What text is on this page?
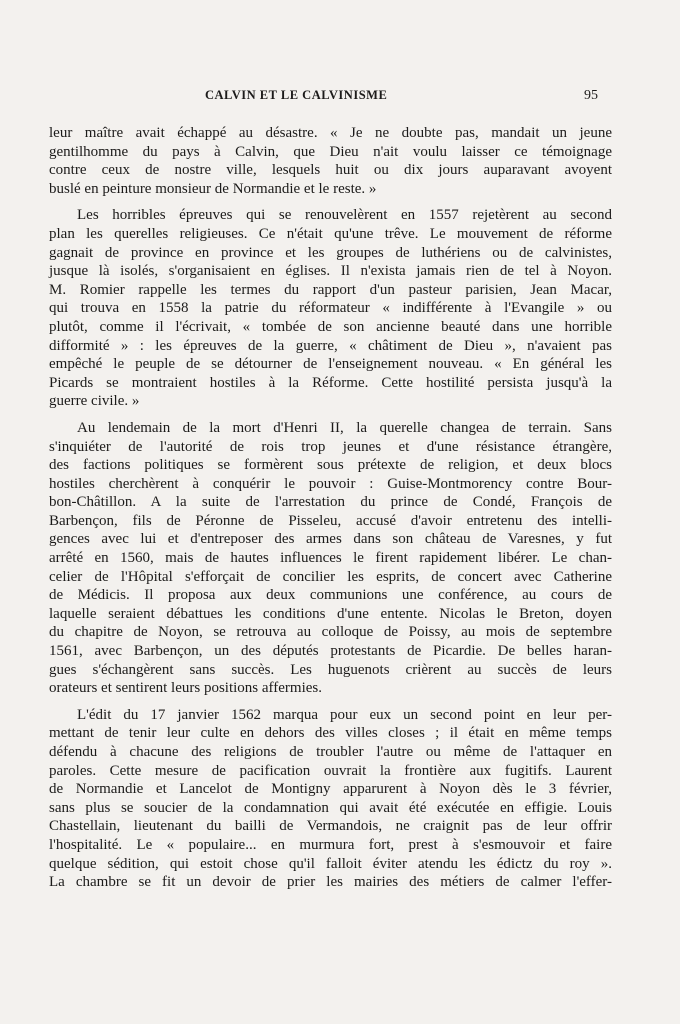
CALVIN ET LE CALVINISME	95
leur maître avait échappé au désastre. « Je ne doubte pas, mandait un jeune
gentilhomme du pays à Calvin, que Dieu n'ait voulu laisser ce témoignage
contre ceux de nostre ville, lesquels huit ou dix jours auparavant avoyent
buslé en peinture monsieur de Normandie et le reste. »
Les horribles épreuves qui se renouvelèrent en 1557 rejetèrent au second
plan les querelles religieuses. Ce n'était qu'une trêve. Le mouvement de réforme
gagnait de province en province et les groupes de luthériens ou de calvinistes,
jusque là isolés, s'organisaient en églises. Il n'exista jamais rien de tel à Noyon.
M. Romier rappelle les termes du rapport d'un pasteur parisien, Jean Macar,
qui trouva en 1558 la patrie du réformateur « indifférente à l'Evangile » ou
plutôt, comme il l'écrivait, « tombée de son ancienne beauté dans une horrible
difformité » : les épreuves de la guerre, « châtiment de Dieu », n'avaient pas
empêché le peuple de se détourner de l'enseignement nouveau. « En général les
Picards se montraient hostiles à la Réforme. Cette hostilité persista jusqu'à la
guerre civile. »
Au lendemain de la mort d'Henri II, la querelle changea de terrain. Sans
s'inquiéter de l'autorité de rois trop jeunes et d'une résistance étrangère,
des factions politiques se formèrent sous prétexte de religion, et deux blocs
hostiles cherchèrent à conquérir le pouvoir : Guise-Montmorency contre Bour-
bon-Châtillon. A la suite de l'arrestation du prince de Condé, François de
Barbençon, fils de Péronne de Pisseleu, accusé d'avoir entretenu des intelli-
gences avec lui et d'entreposer des armes dans son château de Varesnes, y fut
arrêté en 1560, mais de hautes influences le firent rapidement libérer. Le chan-
celier de l'Hôpital s'efforçait de concilier les esprits, de concert avec Catherine
de Médicis. Il proposa aux deux communions une conférence, au cours de
laquelle seraient débattues les conditions d'une entente. Nicolas le Breton, doyen
du chapitre de Noyon, se retrouva au colloque de Poissy, au mois de septembre
1561, avec Barbençon, un des députés protestants de Picardie. De belles haran-
gues s'échangèrent sans succès. Les huguenots crièrent au succès de leurs
orateurs et sentirent leurs positions affermies.
L'édit du 17 janvier 1562 marqua pour eux un second point en leur per-
mettant de tenir leur culte en dehors des villes closes ; il était en même temps
défendu à chacune des religions de troubler l'autre ou même de l'attaquer en
paroles. Cette mesure de pacification ouvrait la frontière aux fugitifs. Laurent
de Normandie et Lancelot de Montigny apparurent à Noyon dès le 3 février,
sans plus se soucier de la condamnation qui avait été exécutée en effigie. Louis
Chastellain, lieutenant du bailli de Vermandois, ne craignit pas de leur offrir
l'hospitalité. Le « populaire... en murmura fort, prest à s'esmouvoir et faire
quelque sédition, qui estoit chose qu'il falloit éviter atendu les édictz du roy ».
La chambre se fit un devoir de prier les mairies des métiers de calmer l'effer-
